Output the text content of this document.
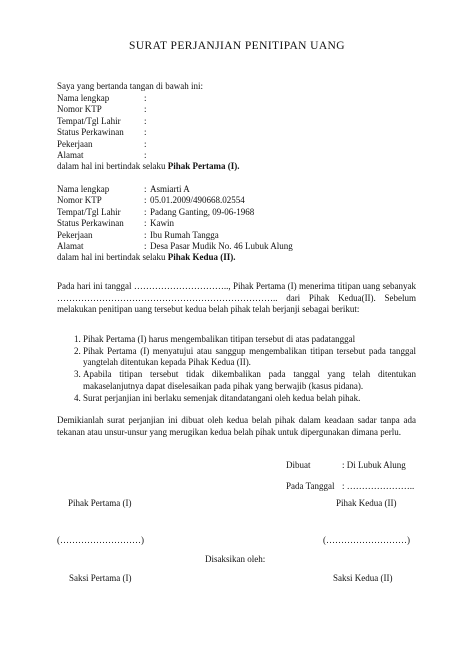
SURAT PERJANJIAN PENITIPAN UANG
Saya yang bertanda tangan di bawah ini:
Nama lengkap	:
Nomor KTP	:
Tempat/Tgl Lahir	:
Status Perkawinan	:
Pekerjaan	:
Alamat	:
dalam hal ini bertindak selaku
Pihak Pertama (I).
Nama lengkap	: Asmiarti A
Nomor KTP	: 05.01.2009/490668.02554
Tempat/Tgl Lahir	: Padang Ganting, 09-06-1968
Status Perkawinan	: Kawin
Pekerjaan	: Ibu Rumah Tangga
Alamat	: Desa Pasar Mudik No. 46 Lubuk Alung
dalam hal ini bertindak selaku
Pihak Kedua (II).
Pada hari ini tanggal ………………………….., Pihak Pertama (I) menerima titipan uang sebanyak ……………………………………………………………….. dari Pihak Kedua(II). Sebelum melakukan penitipan uang tersebut kedua belah pihak telah berjanji sebagai berikut:
1. Pihak Pertama (I) harus mengembalikan titipan tersebut di atas padatanggal
2. Pihak Pertama (I) menyatujui atau sanggup mengembalikan titipan tersebut pada tanggal yangtelah ditentukan kepada Pihak Kedua (II).
3. Apabila titipan tersebut tidak dikembalikan pada tanggal yang telah ditentukan makaselanjutnya dapat diselesaikan pada pihak yang berwajib (kasus pidana).
4. Surat perjanjian ini berlaku semenjak ditandatangani oleh kedua belah pihak.
Demikianlah surat perjanjian ini dibuat oleh kedua belah pihak dalam keadaan sadar tanpa ada tekanan atau unsur-unsur yang merugikan kedua belah pihak untuk dipergunakan dimana perlu.
Dibuat	: Di Lubuk Alung
Pada Tanggal : …………………..
Pihak Pertama (I)	Pihak Kedua (II)
(………………………)	(………………………)
Disaksikan oleh:
Saksi Pertama (I)	Saksi Kedua (II)
